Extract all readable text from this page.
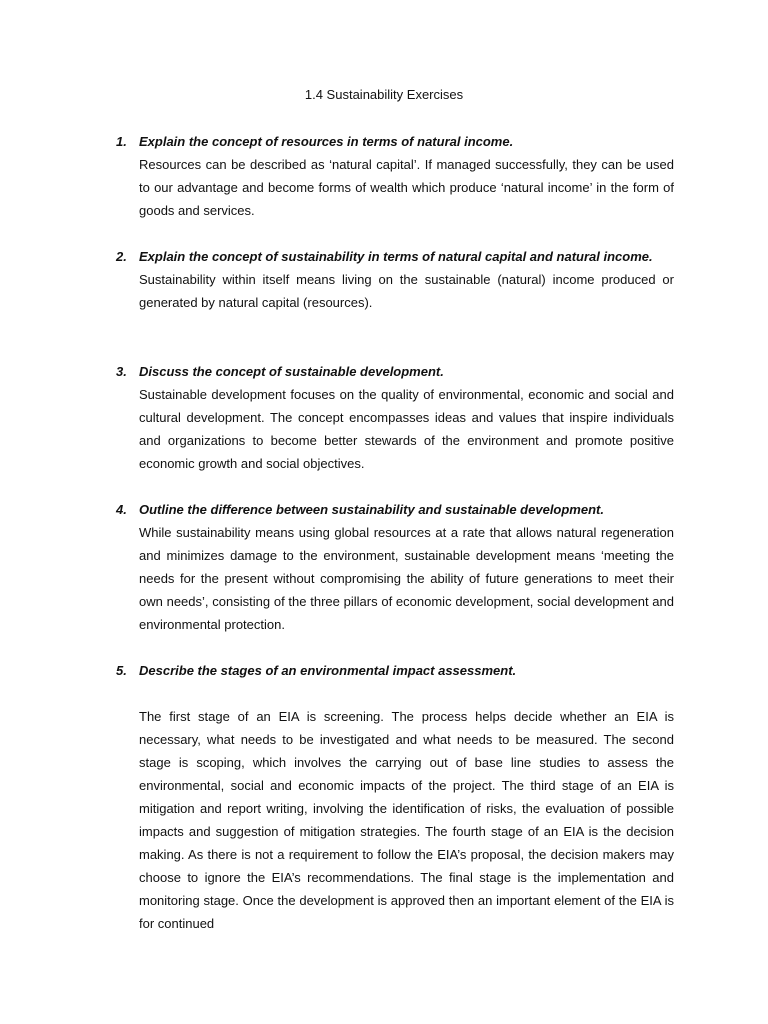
1.4 Sustainability Exercises
1. Explain the concept of resources in terms of natural income.
Resources can be described as ‘natural capital’. If managed successfully, they can be used to our advantage and become forms of wealth which produce ‘natural income’ in the form of goods and services.
2. Explain the concept of sustainability in terms of natural capital and natural income.
Sustainability within itself means living on the sustainable (natural) income produced or generated by natural capital (resources).
3. Discuss the concept of sustainable development.
Sustainable development focuses on the quality of environmental, economic and social and cultural development. The concept encompasses ideas and values that inspire individuals and organizations to become better stewards of the environment and promote positive economic growth and social objectives.
4. Outline the difference between sustainability and sustainable development.
While sustainability means using global resources at a rate that allows natural regeneration and minimizes damage to the environment, sustainable development means ‘meeting the needs for the present without compromising the ability of future generations to meet their own needs’, consisting of the three pillars of economic development, social development and environmental protection.
5. Describe the stages of an environmental impact assessment.
The first stage of an EIA is screening. The process helps decide whether an EIA is necessary, what needs to be investigated and what needs to be measured. The second stage is scoping, which involves the carrying out of base line studies to assess the environmental, social and economic impacts of the project. The third stage of an EIA is mitigation and report writing, involving the identification of risks, the evaluation of possible impacts and suggestion of mitigation strategies. The fourth stage of an EIA is the decision making. As there is not a requirement to follow the EIA’s proposal, the decision makers may choose to ignore the EIA’s recommendations. The final stage is the implementation and monitoring stage. Once the development is approved then an important element of the EIA is for continued
